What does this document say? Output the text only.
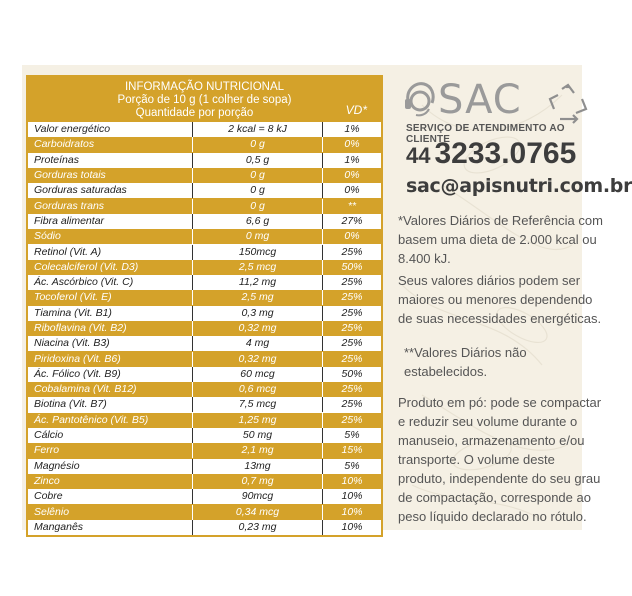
INFORMAÇÃO NUTRICIONAL
Porção de 10 g (1 colher de sopa)
Quantidade por porção	VD*
Valor energético	2 kcal = 8 kJ	1%
Carboidratos	0 g	0%
Proteínas	0,5 g	1%
Gorduras totais	0 g	0%
Gorduras saturadas	0 g	0%
Gorduras trans	0 g	**
Fibra alimentar	6,6 g	27%
Sódio	0 mg	0%
Retinol (Vit. A)	150mcg	25%
Colecalciferol (Vit. D3)	2,5 mcg	50%
Ác. Ascórbico (Vit. C)	11,2 mg	25%
Tocoferol (Vit. E)	2,5 mg	25%
Tiamina (Vit. B1)	0,3 mg	25%
Riboflavina (Vit. B2)	0,32 mg	25%
Niacina (Vit. B3)	4 mg	25%
Piridoxina (Vit. B6)	0,32 mg	25%
Ác. Fólico (Vit. B9)	60 mcg	50%
Cobalamina (Vit. B12)	0,6 mcg	25%
Biotina (Vit. B7)	7,5 mcg	25%
Ác. Pantotênico (Vit. B5)	1,25 mg	25%
Cálcio	50 mg	5%
Ferro	2,1 mg	15%
Magnésio	13mg	5%
Zinco	0,7 mg	10%
Cobre	90mcg	10%
Selênio	0,34 mcg	10%
Manganês	0,23 mg	10%
SAC
SERVIÇO DE ATENDIMENTO AO CLIENTE
44 3233.0765
sac@apisnutri.com.br
*Valores Diários de Referência com basem uma dieta de 2.000 kcal ou 8.400 kJ.
Seus valores diários podem ser maiores ou menores dependendo de suas necessidades energéticas.
**Valores Diários não estabelecidos.
Produto em pó: pode se compactar e reduzir seu volume durante o manuseio, armazenamento e/ou transporte. O volume deste produto, independente do seu grau de compactação, corresponde ao peso líquido declarado no rótulo.
